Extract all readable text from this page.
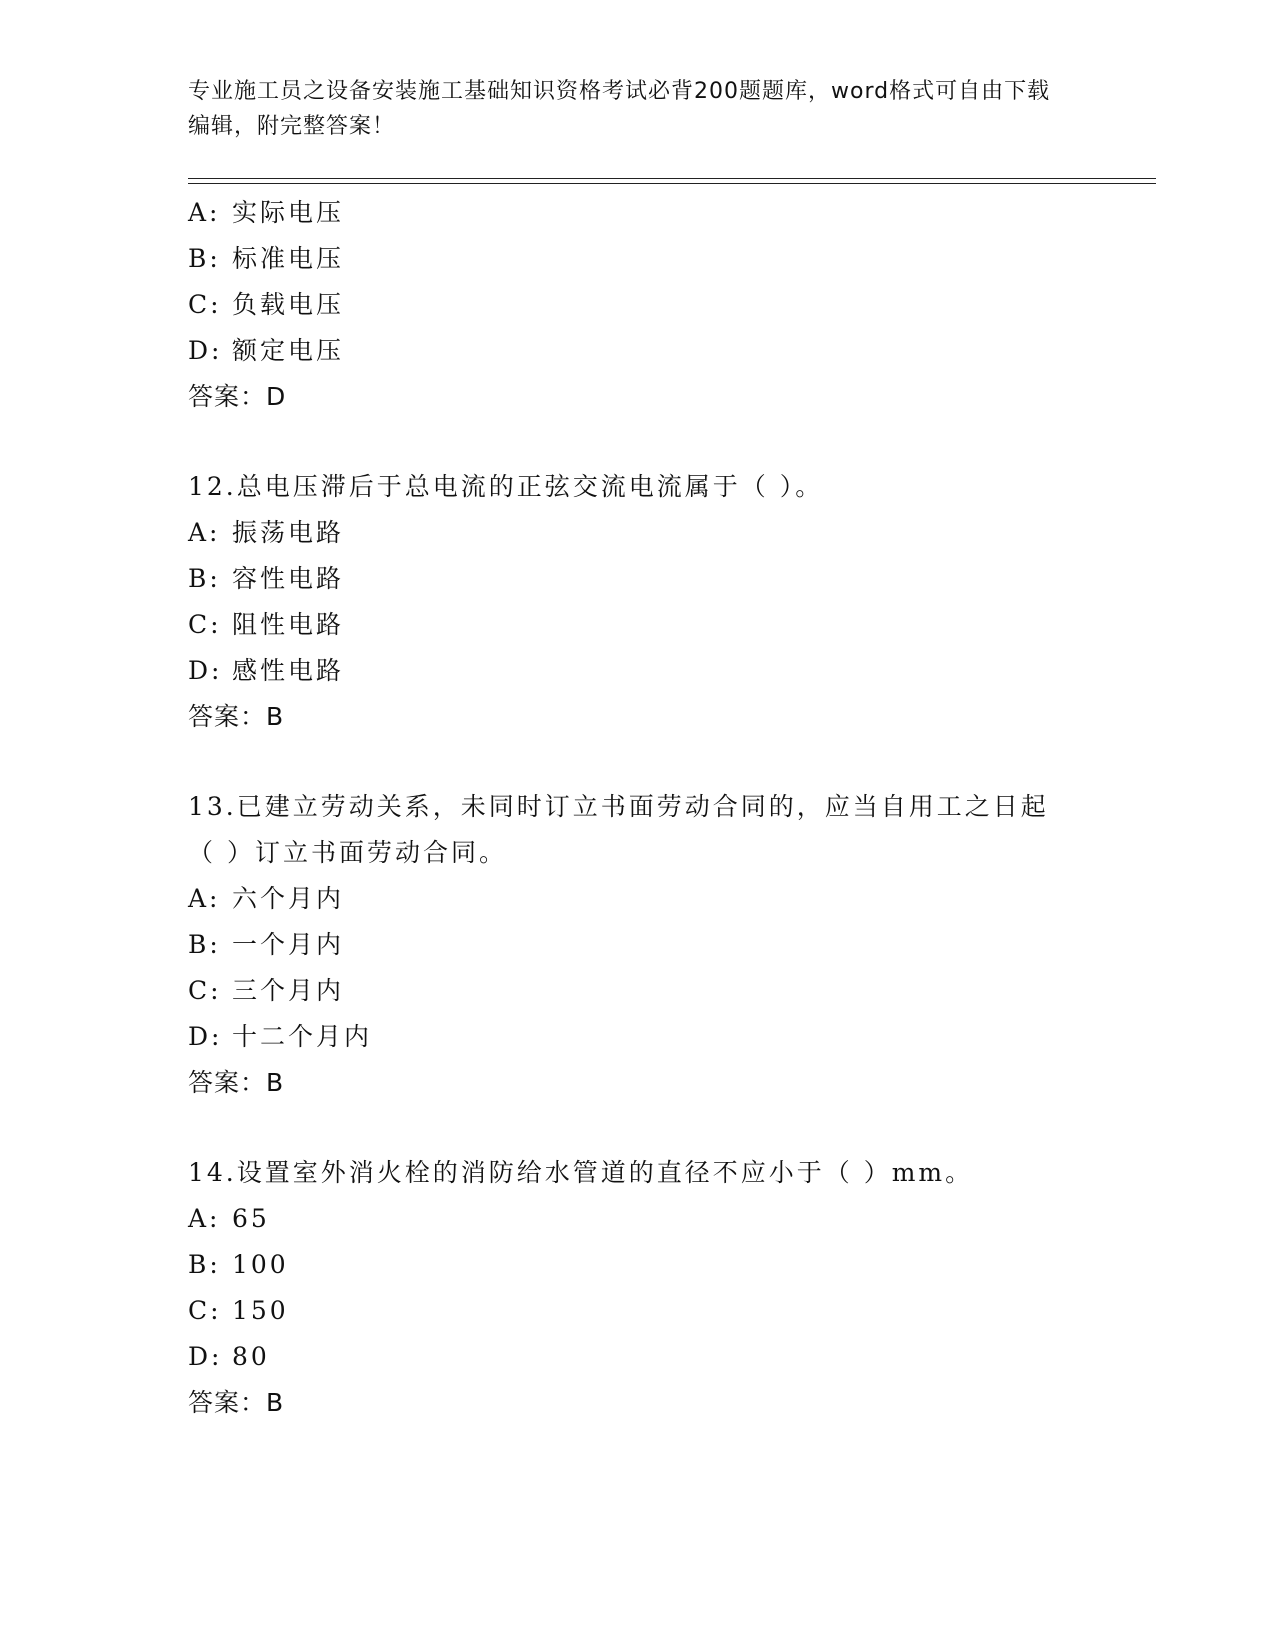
专业施工员之设备安装施工基础知识资格考试必背200题题库，word格式可自由下载编辑，附完整答案！
A: 实际电压
B: 标准电压
C: 负载电压
D: 额定电压
答案：D
12.总电压滞后于总电流的正弦交流电流属于（ ）。
A: 振荡电路
B: 容性电路
C: 阻性电路
D: 感性电路
答案：B
13.已建立劳动关系，未同时订立书面劳动合同的，应当自用工之日起
（ ）订立书面劳动合同。
A: 六个月内
B: 一个月内
C: 三个月内
D: 十二个月内
答案：B
14.设置室外消火栓的消防给水管道的直径不应小于（ ）mm。
A: 65
B: 100
C: 150
D: 80
答案：B
